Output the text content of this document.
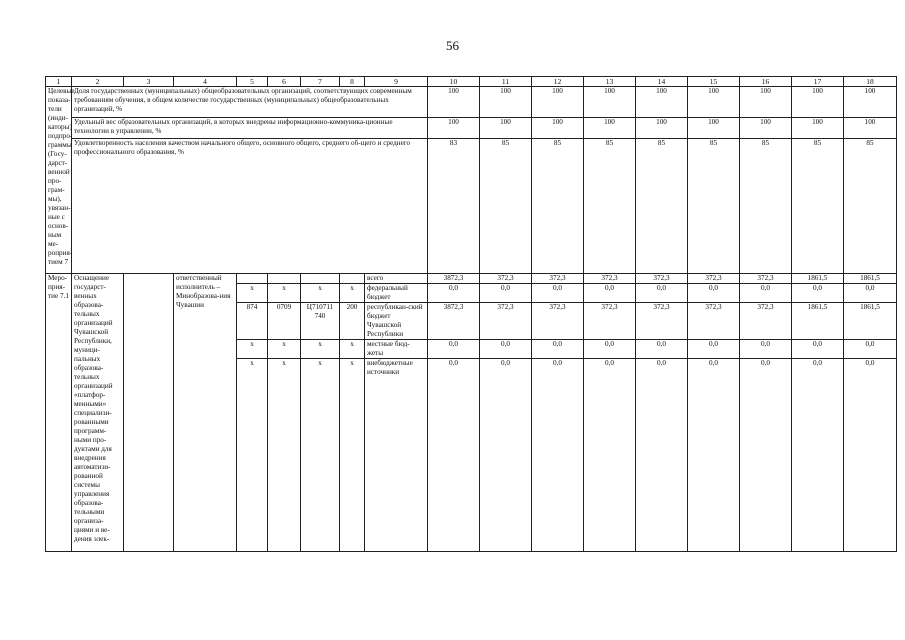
56
1	2	3	4	5	6	7	8	9	10	11	12	13	14	15	16	17	18
Целевые показа-тели (инди-каторы) подпро-граммы (Госу-дарст-венной про-грам-мы), увязан-ные с основ-ным ме-роприя-тием 7	Доля государственных (муниципальных) общеобразовательных организаций, соответствующих современным требованиям обучения, в общем количестве государственных (муниципальных) общеобразовательных организаций, %								100	100	100	100	100	100	100	100	100
	Удельный вес образовательных организаций, в которых внедрены информационно-коммуника-ционные технологии в управлении, %								100	100	100	100	100	100	100	100	100
	Удовлетворенность населения качеством начального общего, основного общего, среднего об-щего и среднего профессионального образования, %								83	85	85	85	85	85	85	85	85
Меро-прия-тие 7.1	Оснащение государст-венных образова-тельных организаций Чувашской Республики, муници-пальных образова-тельных организаций «платфор-менными» специализи-рованными программ-ными про-дуктами для внедрения автоматизи-рованной системы управления образова-тельными организа-циями и ве-дения элек-		ответственный исполнитель – Минобразова-ния Чувашии					всего	3872,3	372,3	372,3	372,3	372,3	372,3	372,3	1861,5	1861,5
				х	х	х	х	федеральный бюджет	0,0	0,0	0,0	0,0	0,0	0,0	0,0	0,0	0,0
				874	0709	Ц710711 740	200	республикан-ский бюджет Чувашской Республики	3872,3	372,3	372,3	372,3	372,3	372,3	372,3	1861,5	1861,5
				х	х	х	х	местные бюд-жеты	0,0	0,0	0,0	0,0	0,0	0,0	0,0	0,0	0,0
				х	х	х	х	внебюджетные источники	0,0	0,0	0,0	0,0	0,0	0,0	0,0	0,0	0,0
